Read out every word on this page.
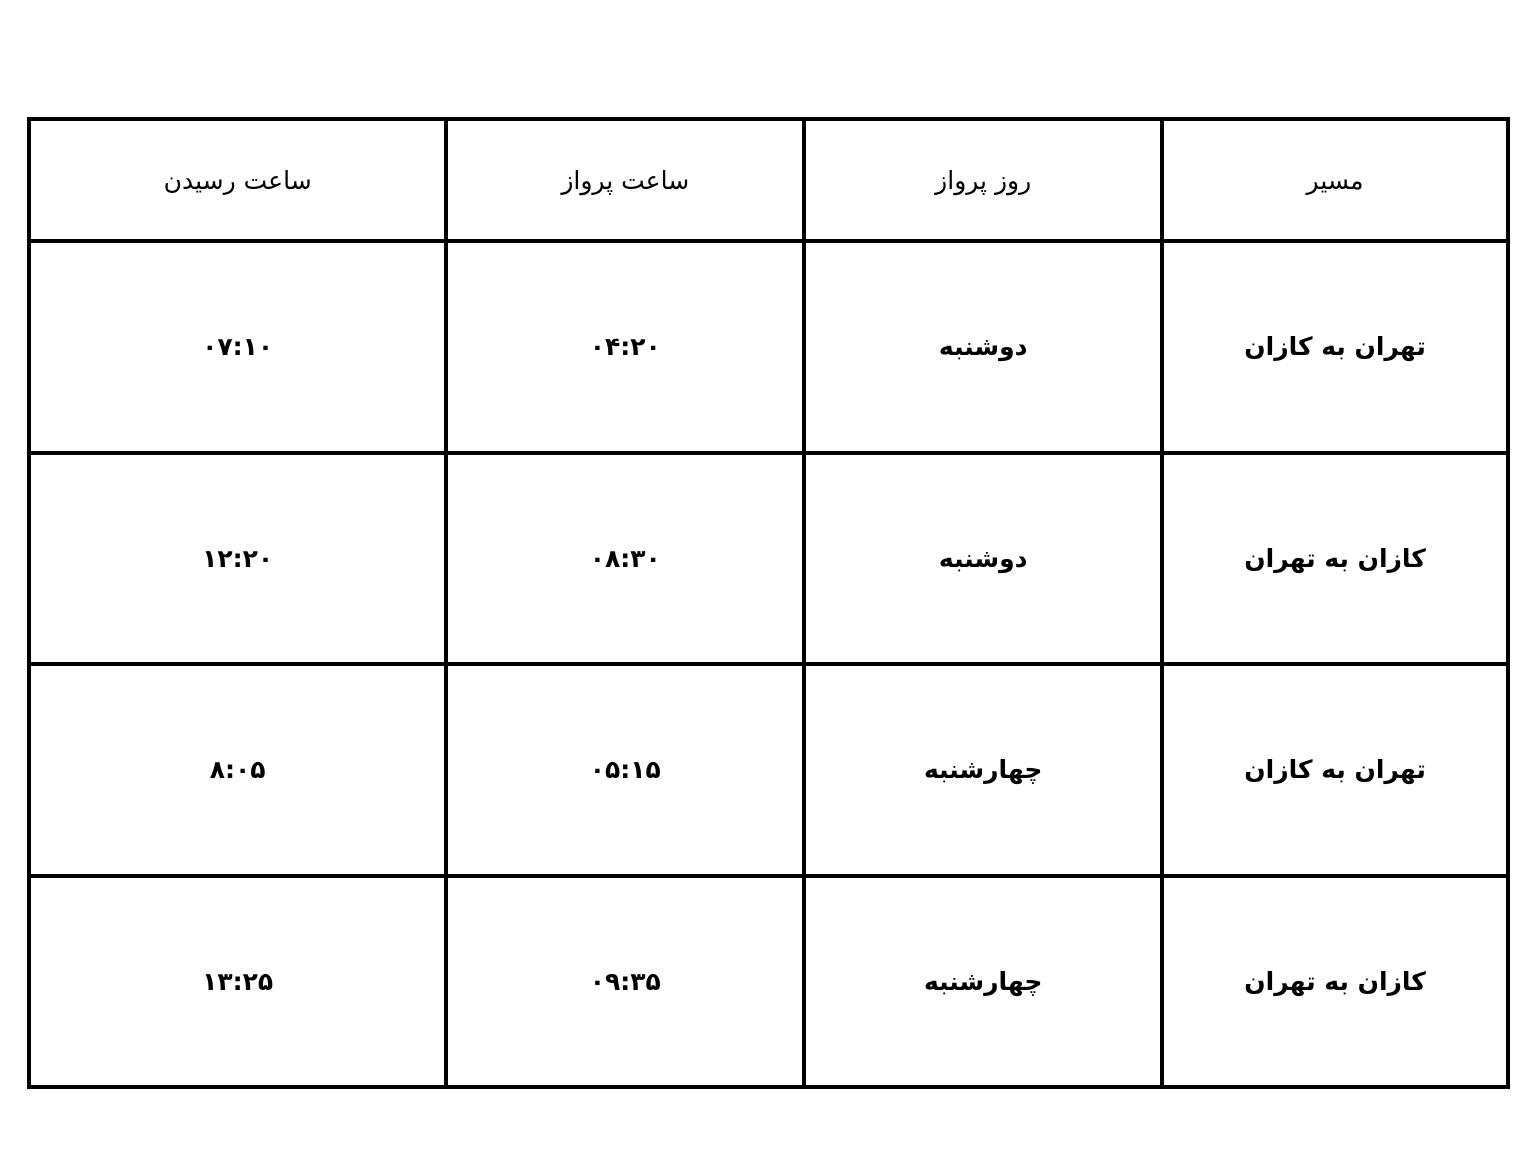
مسیر	روز پرواز	ساعت پرواز	ساعت رسیدن
تهران به کازان	دوشنبه	۰۴:۲۰	۰۷:۱۰
کازان به تهران	دوشنبه	۰۸:۳۰	۱۲:۲۰
تهران به کازان	چهارشنبه	۰۵:۱۵	۸:۰۵
کازان به تهران	چهارشنبه	۰۹:۳۵	۱۳:۲۵
